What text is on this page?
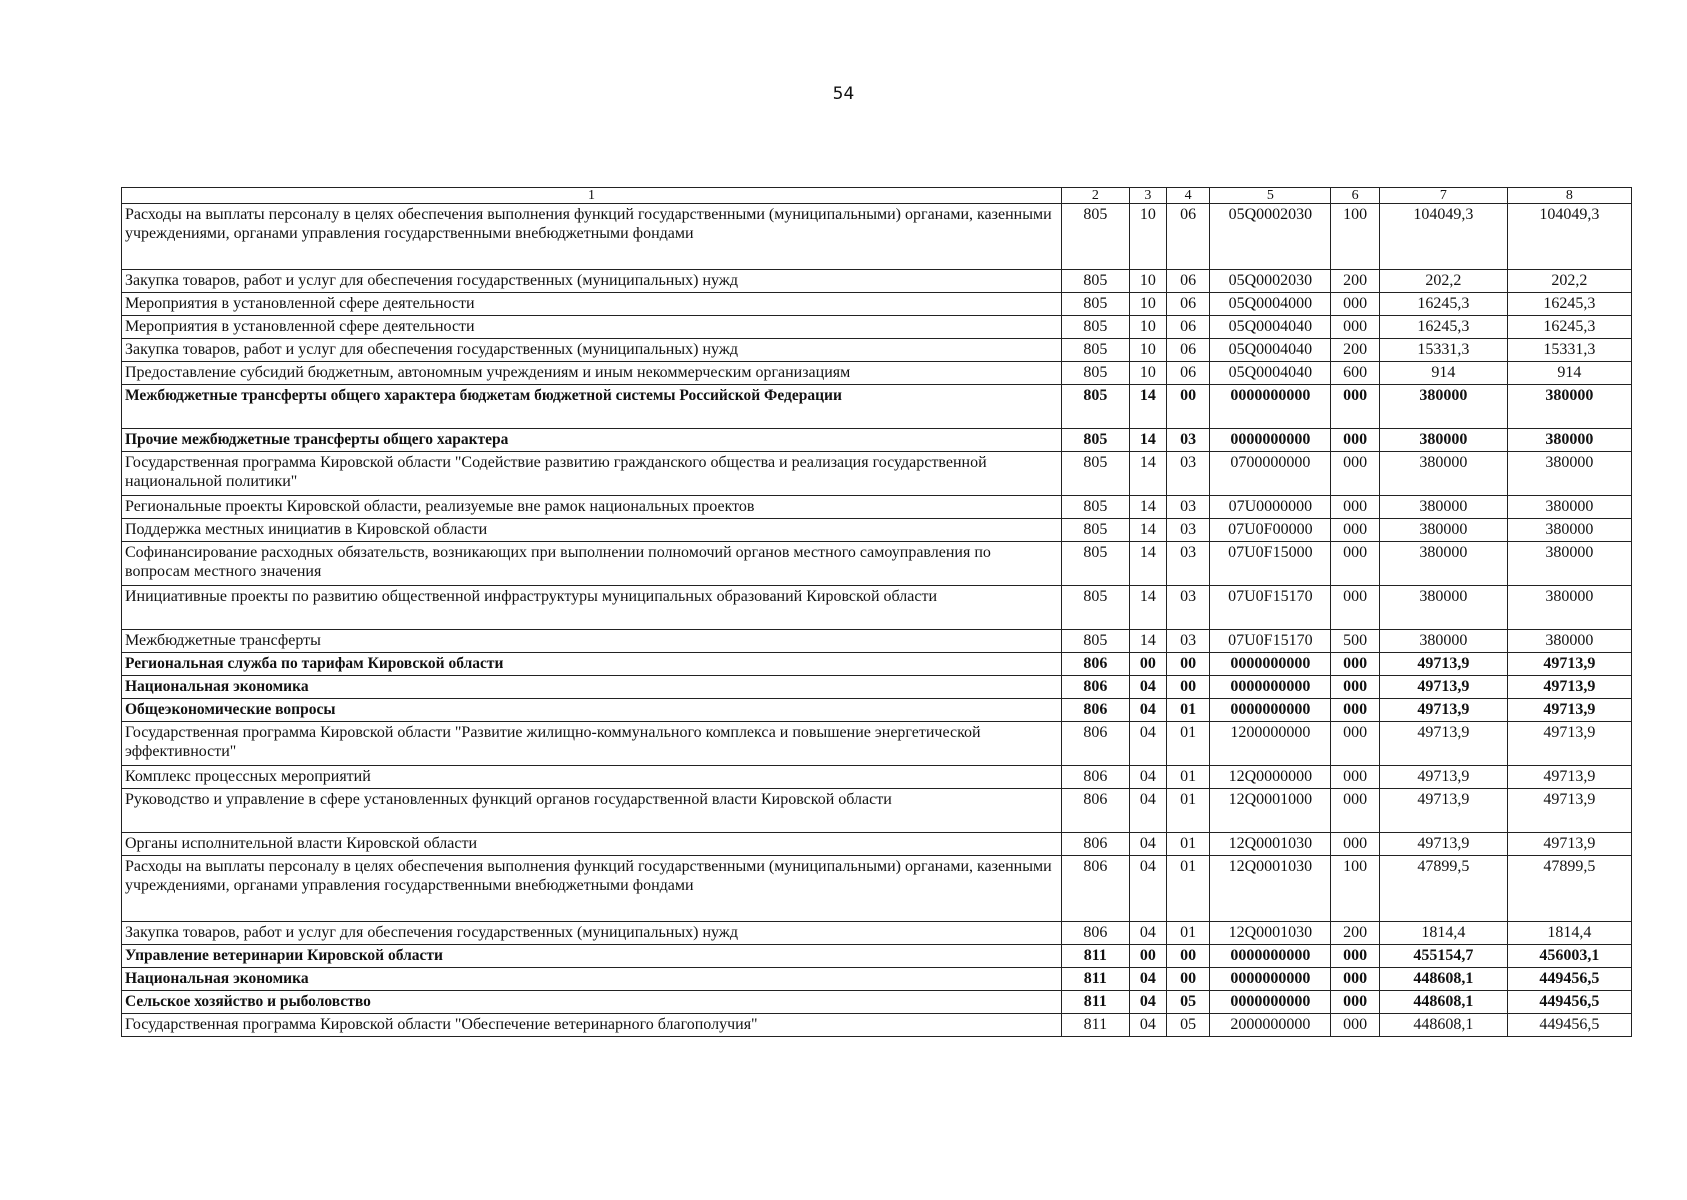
54
1	2	3	4	5	6	7	8
Расходы на выплаты персоналу в целях обеспечения выполнения функций государственными (муниципальными) органами, казенными учреждениями, органами управления государственными внебюджетными фондами	805	10	06	05Q0002030	100	104049,3	104049,3
Закупка товаров, работ и услуг для обеспечения государственных (муниципальных) нужд	805	10	06	05Q0002030	200	202,2	202,2
Мероприятия в установленной сфере деятельности	805	10	06	05Q0004000	000	16245,3	16245,3
Мероприятия в установленной сфере деятельности	805	10	06	05Q0004040	000	16245,3	16245,3
Закупка товаров, работ и услуг для обеспечения государственных (муниципальных) нужд	805	10	06	05Q0004040	200	15331,3	15331,3
Предоставление субсидий бюджетным, автономным учреждениям и иным некоммерческим организациям	805	10	06	05Q0004040	600	914	914
Межбюджетные трансферты общего характера бюджетам бюджетной системы Российской Федерации	805	14	00	0000000000	000	380000	380000
Прочие межбюджетные трансферты общего характера	805	14	03	0000000000	000	380000	380000
Государственная программа Кировской области "Содействие развитию гражданского общества и реализация государственной национальной политики"	805	14	03	0700000000	000	380000	380000
Региональные проекты Кировской области, реализуемые вне рамок национальных проектов	805	14	03	07U0000000	000	380000	380000
Поддержка местных инициатив в Кировской области	805	14	03	07U0F00000	000	380000	380000
Софинансирование расходных обязательств, возникающих при выполнении полномочий органов местного самоуправления по вопросам местного значения	805	14	03	07U0F15000	000	380000	380000
Инициативные проекты по развитию общественной инфраструктуры муниципальных образований Кировской области	805	14	03	07U0F15170	000	380000	380000
Межбюджетные трансферты	805	14	03	07U0F15170	500	380000	380000
Региональная служба по тарифам Кировской области	806	00	00	0000000000	000	49713,9	49713,9
Национальная экономика	806	04	00	0000000000	000	49713,9	49713,9
Общеэкономические вопросы	806	04	01	0000000000	000	49713,9	49713,9
Государственная программа Кировской области "Развитие жилищно-коммунального комплекса и повышение энергетической эффективности"	806	04	01	1200000000	000	49713,9	49713,9
Комплекс процессных мероприятий	806	04	01	12Q0000000	000	49713,9	49713,9
Руководство и управление в сфере установленных функций органов государственной власти Кировской области	806	04	01	12Q0001000	000	49713,9	49713,9
Органы исполнительной власти Кировской области	806	04	01	12Q0001030	000	49713,9	49713,9
Расходы на выплаты персоналу в целях обеспечения выполнения функций государственными (муниципальными) органами, казенными учреждениями, органами управления государственными внебюджетными фондами	806	04	01	12Q0001030	100	47899,5	47899,5
Закупка товаров, работ и услуг для обеспечения государственных (муниципальных) нужд	806	04	01	12Q0001030	200	1814,4	1814,4
Управление ветеринарии Кировской области	811	00	00	0000000000	000	455154,7	456003,1
Национальная экономика	811	04	00	0000000000	000	448608,1	449456,5
Сельское хозяйство и рыболовство	811	04	05	0000000000	000	448608,1	449456,5
Государственная программа Кировской области "Обеспечение ветеринарного благополучия"	811	04	05	2000000000	000	448608,1	449456,5
